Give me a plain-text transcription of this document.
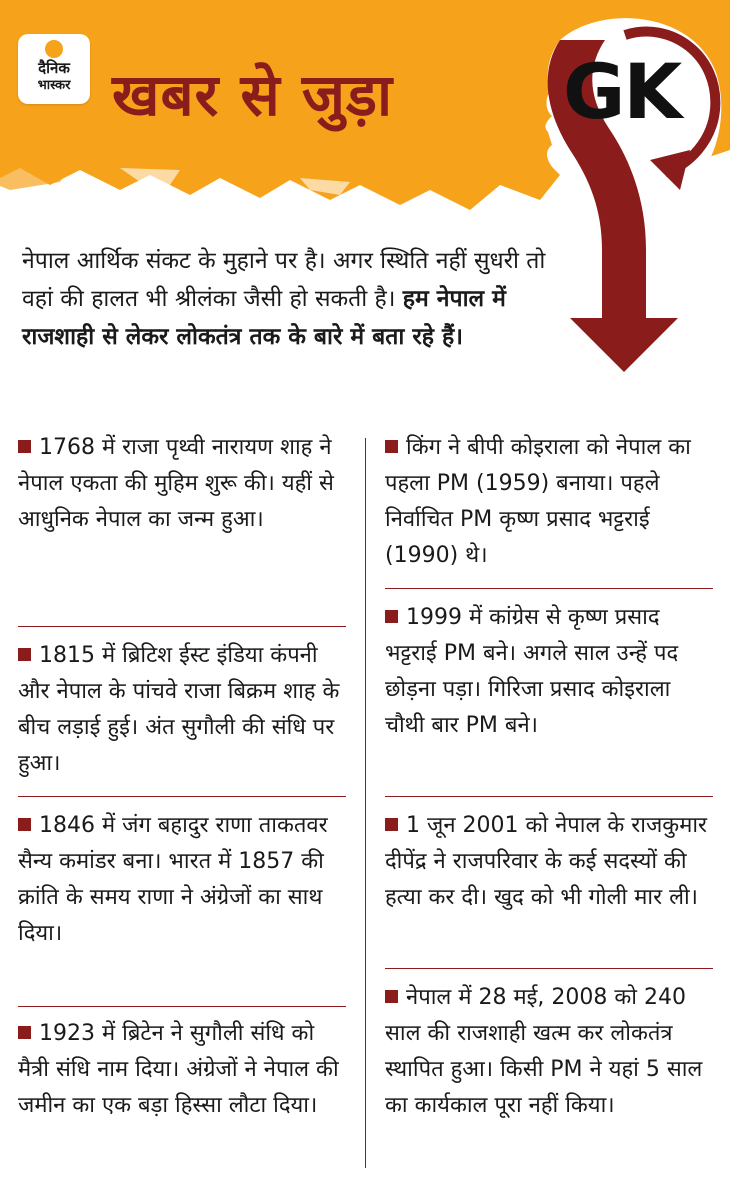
दैनिक
भास्कर खबर से जुड़ा GK
नेपाल आर्थिक संकट के मुहाने पर है। अगर स्थिति नहीं सुधरी तो वहां की हालत भी श्रीलंका जैसी हो सकती है। हम नेपाल में राजशाही से लेकर लोकतंत्र तक के बारे में बता रहे हैं।
1768 में राजा पृथ्वी नारायण शाह ने नेपाल एकता की मुहिम शुरू की। यहीं से आधुनिक नेपाल का जन्म हुआ।
1815 में ब्रिटिश ईस्ट इंडिया कंपनी और नेपाल के पांचवे राजा बिक्रम शाह के बीच लड़ाई हुई। अंत सुगौली की संधि पर हुआ।
1846 में जंग बहादुर राणा ताकतवर सैन्य कमांडर बना। भारत में 1857 की क्रांति के समय राणा ने अंग्रेजों का साथ दिया।
1923 में ब्रिटेन ने सुगौली संधि को मैत्री संधि नाम दिया। अंग्रेजों ने नेपाल की जमीन का एक बड़ा हिस्सा लौटा दिया।
किंग ने बीपी कोइराला को नेपाल का पहला PM (1959) बनाया। पहले निर्वाचित PM कृष्ण प्रसाद भट्टराई (1990) थे।
1999 में कांग्रेस से कृष्ण प्रसाद भट्टराई PM बने। अगले साल उन्हें पद छोड़ना पड़ा। गिरिजा प्रसाद कोइराला चौथी बार PM बने।
1 जून 2001 को नेपाल के राजकुमार दीपेंद्र ने राजपरिवार के कई सदस्यों की हत्या कर दी। खुद को भी गोली मार ली।
नेपाल में 28 मई, 2008 को 240 साल की राजशाही खत्म कर लोकतंत्र स्थापित हुआ। किसी PM ने यहां 5 साल का कार्यकाल पूरा नहीं किया।
